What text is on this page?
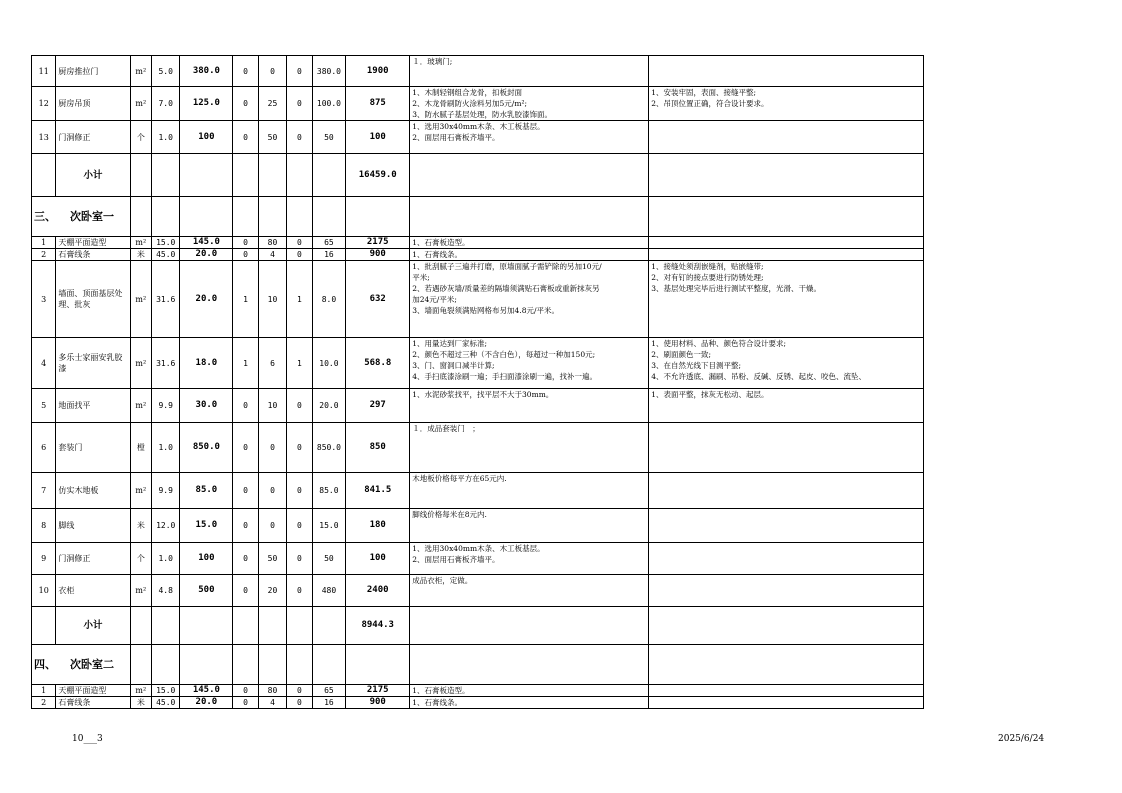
11	厨房推拉门	m²	5.0	380.0	0	0	0	380.0	1900	１．玻璃门;	

12	厨房吊顶	m²	7.0	125.0	0	25	0	100.0	875	1、木制轻钢组合龙骨，扣板封面
2、木龙骨刷防火涂料另加5元/m²;
3、防水腻子基层处理，防水乳胶漆饰面。	1、安装牢固，表面、接缝平整;
2、吊顶位置正确，符合设计要求。

13	门洞修正	个	1.0	100	0	50	0	50	100	1、选用30x40mm木条、木工板基层。
2、面层用石膏板齐墙平。	

	小计								16459.0		
三、 次卧室一											
1	天棚平面造型	m²	15.0	145.0	0	80	0	65	2175	1、石膏板造型。	

2	石膏线条	米	45.0	20.0	0	4	0	16	900	1、石膏线条。	

3	墙面、顶面基层处理、批灰	m²	31.6	20.0	1	10	1	8.0	632	1、批刮腻子三遍并打磨，原墙面腻子需铲除的另加10元/
平米;
2、若遇砂灰墙/质量差的隔墙须满贴石膏板或重新抹灰另
加24元/平米;
3、墙面龟裂须满贴网格布另加4.8元/平米。	1、接缝处须刮嵌缝剂，贴嵌缝带;
2、对有钉的接点要进行防锈处理;
3、基层处理完毕后进行测试平整度，光滑、干燥。

4	多乐士家丽安乳胶漆	m²	31.6	18.0	1	6	1	10.0	568.8	1、用量达到厂家标准;
2、颜色不超过三种（不含白色），每超过一种加150元;
3、门、窗洞口减半计算;
4、手扫底漆涂刷一遍；手扫面漆涂刷一遍，找补一遍。	1、使用材料、品种、颜色符合设计要求;
2、刷面颜色一致;
3、在自然光线下目测平整;
4、不允许透底、漏刷、吊粉、反碱、反锈、起皮、咬色、流坠、

5	地面找平	m²	9.9	30.0	0	10	0	20.0	297	1、水泥砂浆找平，找平层不大于30mm。	1、表面平整，抹灰无松动、起层。

6	套装门	樘	1.0	850.0	0	0	0	850.0	850	１．成品套装门　；	

7	仿实木地板	m²	9.9	85.0	0	0	0	85.0	841.5	木地板价格每平方在65元内.	

8	脚线	米	12.0	15.0	0	0	0	15.0	180	脚线价格每米在8元内.	

9	门洞修正	个	1.0	100	0	50	0	50	100	1、选用30x40mm木条、木工板基层。
2、面层用石膏板齐墙平。	

10	衣柜	m²	4.8	500	0	20	0	480	2400	成品衣柜，定做。	

	小计								8944.3		
四、 次卧室二											
1	天棚平面造型	m²	15.0	145.0	0	80	0	65	2175	1、石膏板造型。	

2	石膏线条	米	45.0	20.0	0	4	0	16	900	1、石膏线条。	

10___3	2025/6/24
